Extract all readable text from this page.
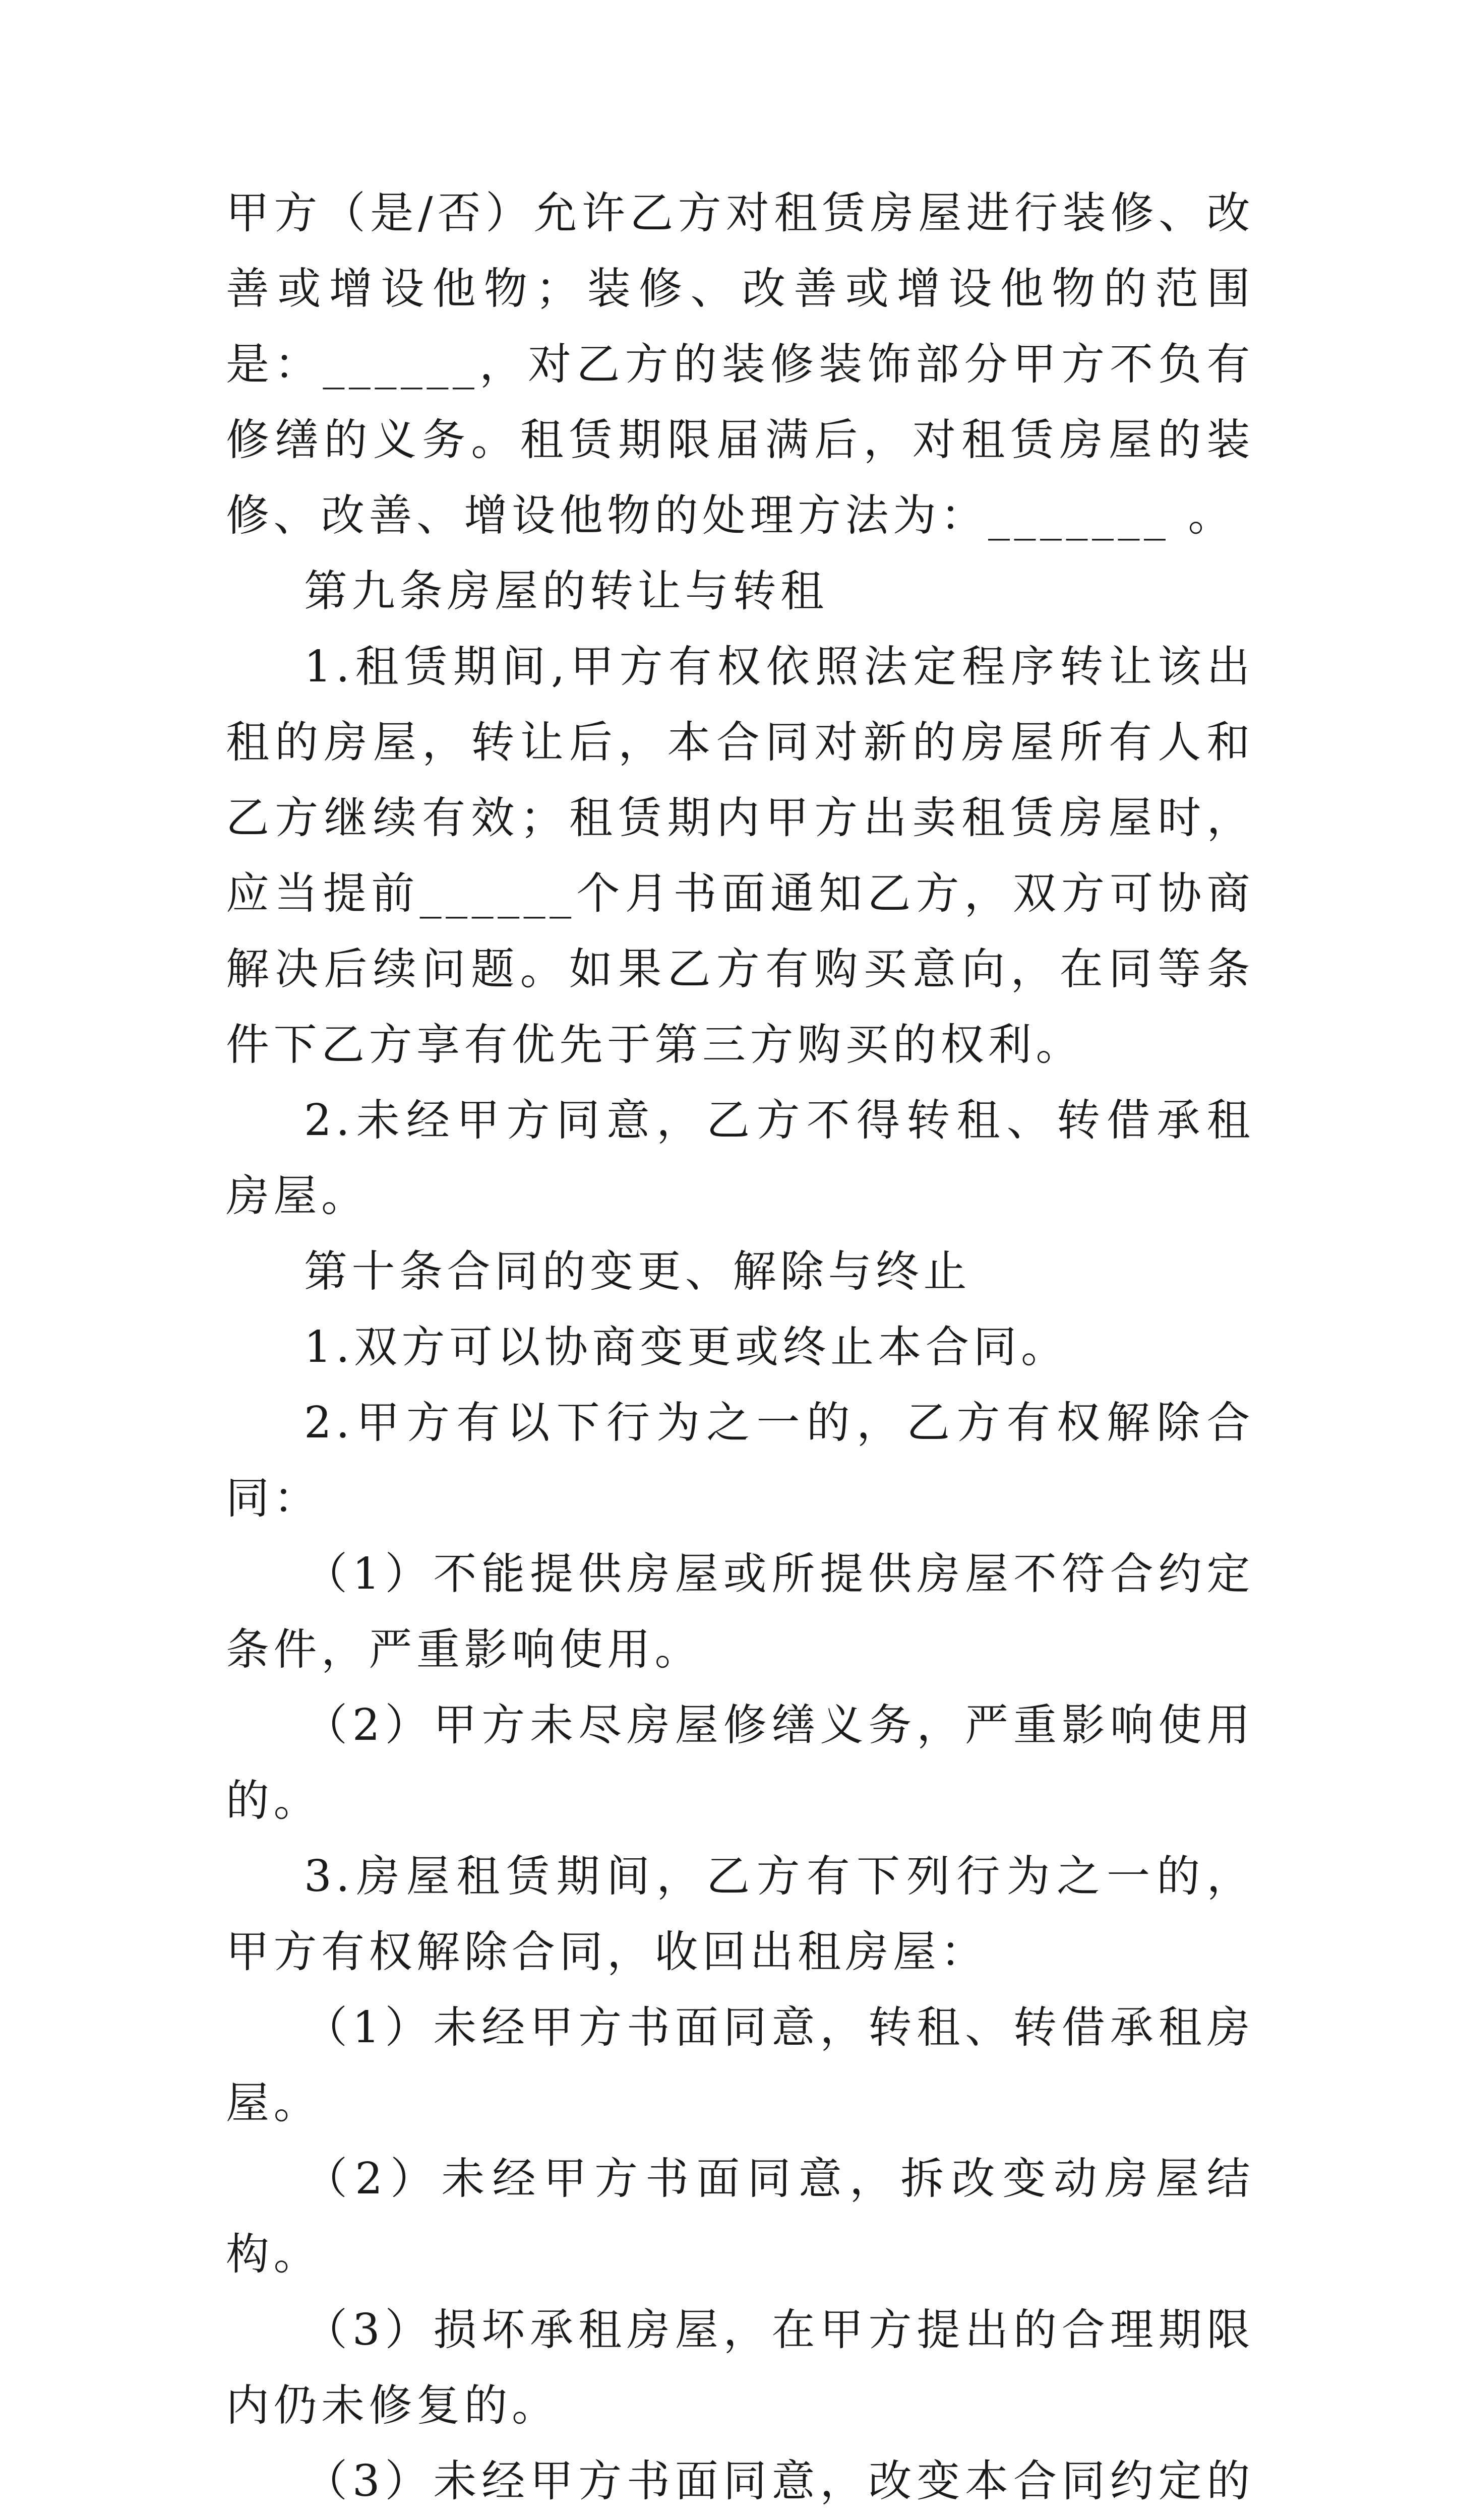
甲方（是/否）允许乙方对租赁房屋进行装修、改善或增设他物；装修、改善或增设他物的范围是：______，对乙方的装修装饰部分甲方不负有修缮的义务。租赁期限届满后，对租赁房屋的装修、改善、增设他物的处理方法为：_______ 。

第九条房屋的转让与转租

1.租赁期间,甲方有权依照法定程序转让该出租的房屋，转让后，本合同对新的房屋所有人和乙方继续有效；租赁期内甲方出卖租赁房屋时，应当提前______个月书面通知乙方，双方可协商解决后续问题。如果乙方有购买意向，在同等条件下乙方享有优先于第三方购买的权利。

2.未经甲方同意，乙方不得转租、转借承租房屋。

第十条合同的变更、解除与终止

1.双方可以协商变更或终止本合同。

2.甲方有以下行为之一的，乙方有权解除合同：

（1）不能提供房屋或所提供房屋不符合约定条件，严重影响使用。

（2）甲方未尽房屋修缮义务，严重影响使用的。

3.房屋租赁期间，乙方有下列行为之一的，甲方有权解除合同，收回出租房屋：

（1）未经甲方书面同意，转租、转借承租房屋。

（2）未经甲方书面同意，拆改变动房屋结构。

（3）损坏承租房屋，在甲方提出的合理期限内仍未修复的。

（3）未经甲方书面同意，改变本合同约定的
